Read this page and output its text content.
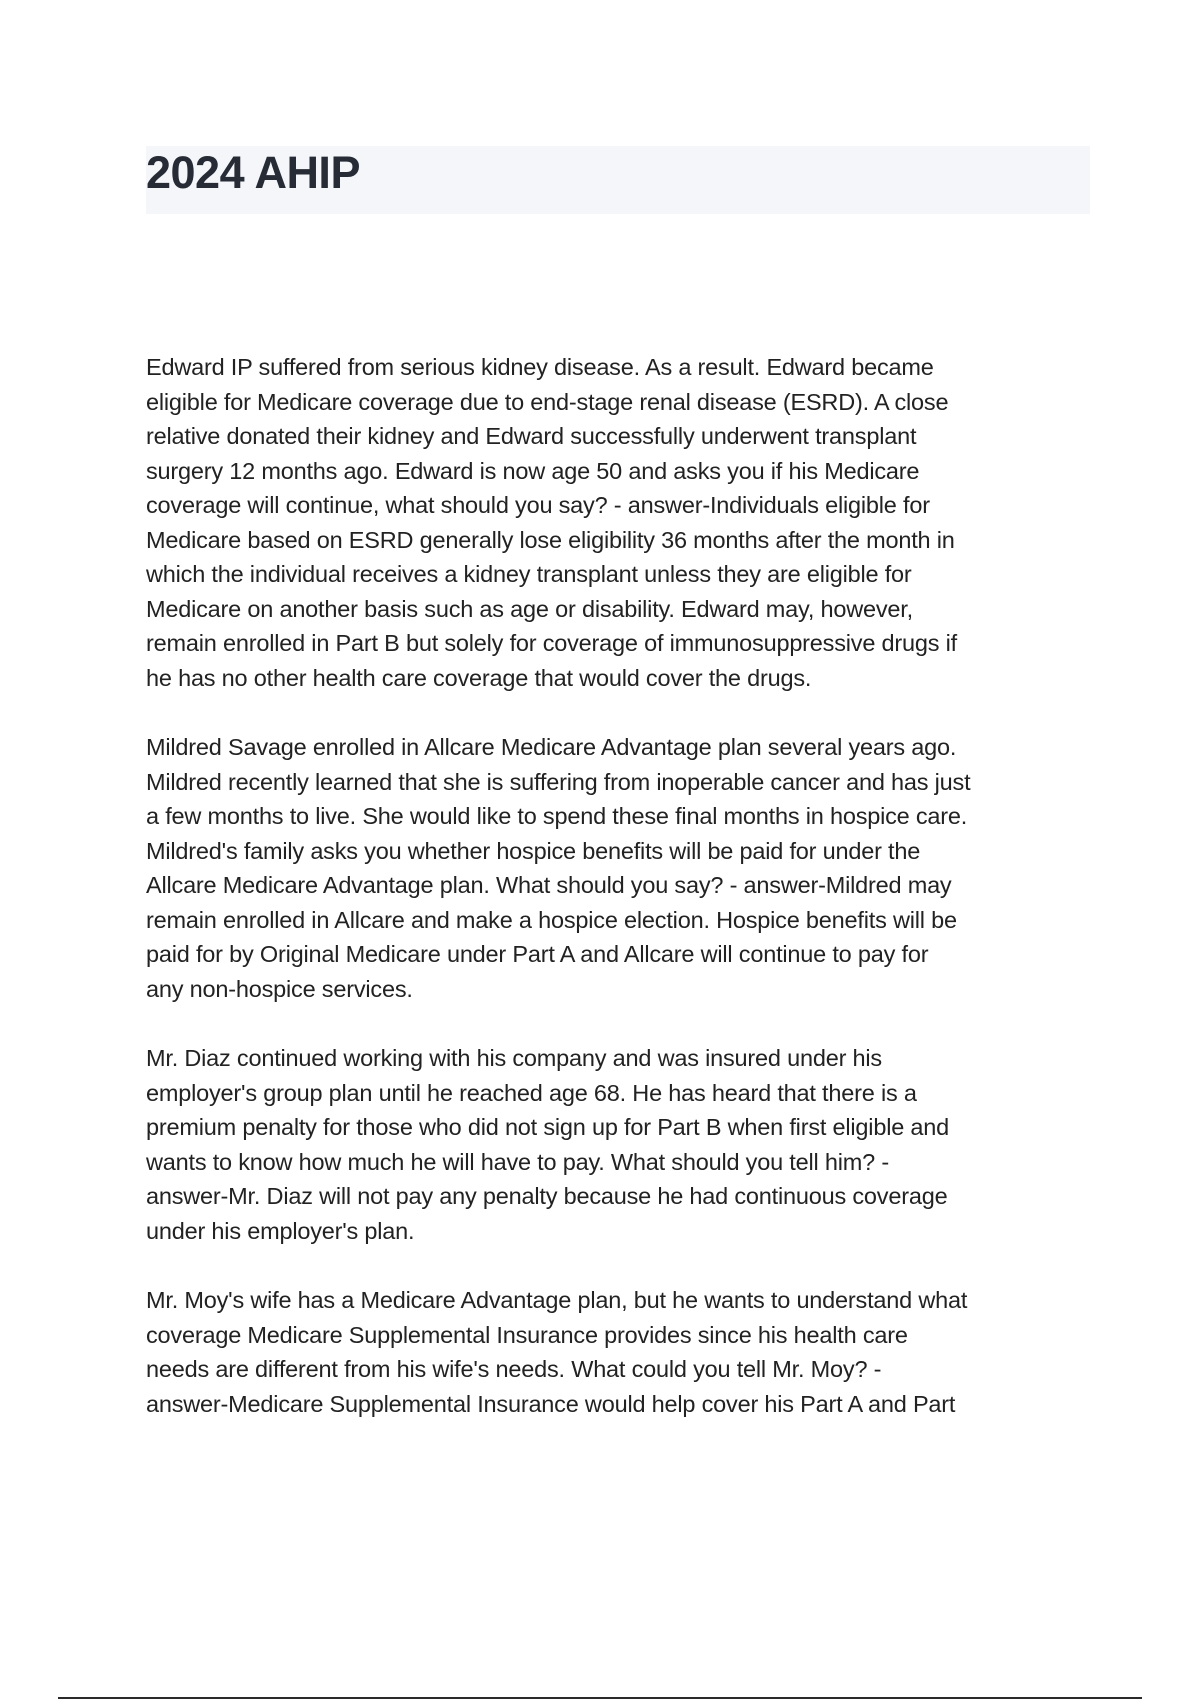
2024 AHIP

Edward IP suffered from serious kidney disease. As a result. Edward became
eligible for Medicare coverage due to end-stage renal disease (ESRD). A close
relative donated their kidney and Edward successfully underwent transplant
surgery 12 months ago. Edward is now age 50 and asks you if his Medicare
coverage will continue, what should you say? - answer-Individuals eligible for
Medicare based on ESRD generally lose eligibility 36 months after the month in
which the individual receives a kidney transplant unless they are eligible for
Medicare on another basis such as age or disability. Edward may, however,
remain enrolled in Part B but solely for coverage of immunosuppressive drugs if
he has no other health care coverage that would cover the drugs.

Mildred Savage enrolled in Allcare Medicare Advantage plan several years ago.
Mildred recently learned that she is suffering from inoperable cancer and has just
a few months to live. She would like to spend these final months in hospice care.
Mildred's family asks you whether hospice benefits will be paid for under the
Allcare Medicare Advantage plan. What should you say? - answer-Mildred may
remain enrolled in Allcare and make a hospice election. Hospice benefits will be
paid for by Original Medicare under Part A and Allcare will continue to pay for
any non-hospice services.

Mr. Diaz continued working with his company and was insured under his
employer's group plan until he reached age 68. He has heard that there is a
premium penalty for those who did not sign up for Part B when first eligible and
wants to know how much he will have to pay. What should you tell him? -
answer-Mr. Diaz will not pay any penalty because he had continuous coverage
under his employer's plan.

Mr. Moy's wife has a Medicare Advantage plan, but he wants to understand what
coverage Medicare Supplemental Insurance provides since his health care
needs are different from his wife's needs. What could you tell Mr. Moy? -
answer-Medicare Supplemental Insurance would help cover his Part A and Part
